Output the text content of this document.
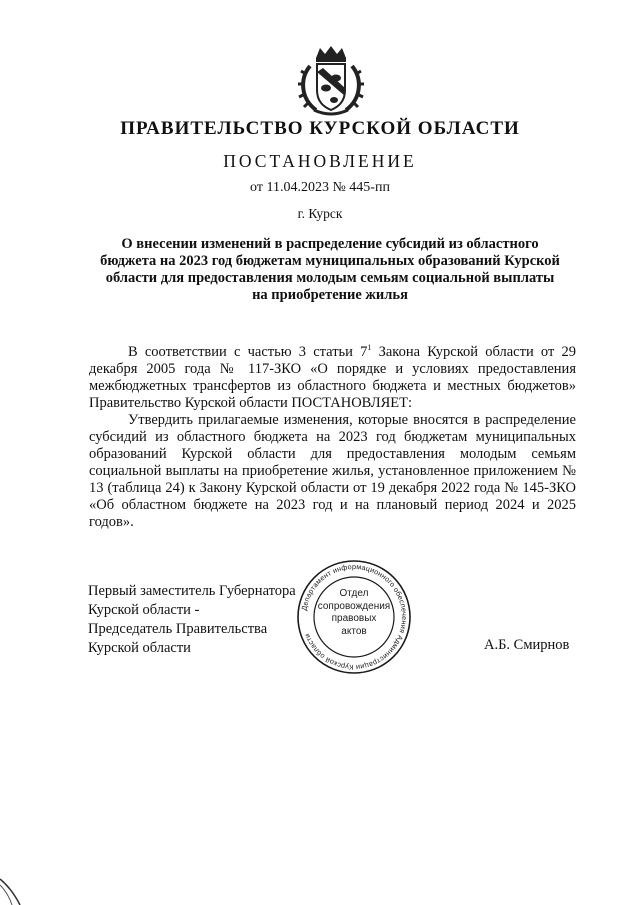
ПРАВИТЕЛЬСТВО КУРСКОЙ ОБЛАСТИ
ПОСТАНОВЛЕНИЕ
от 11.04.2023 № 445-пп
г. Курск
О внесении изменений в распределение субсидий из областного
бюджета на 2023 год бюджетам муниципальных образований Курской
области для предоставления молодым семьям социальной выплаты
на приобретение жилья

В соответствии с частью 3 статьи $7^1$ Закона Курской области от 29 декабря 2005 года № 117-ЗКО «О порядке и условиях предоставления межбюджетных трансфертов из областного бюджета и местных бюджетов» Правительство Курской области ПОСТАНОВЛЯЕТ:

Утвердить прилагаемые изменения, которые вносятся в распределение субсидий из областного бюджета на 2023 год бюджетам муниципальных образований Курской области для предоставления молодым семьям социальной выплаты на приобретение жилья, установленное приложением № 13 (таблица 24) к Закону Курской области от 19 декабря 2022 года № 145-ЗКО «Об областном бюджете на 2023 год и на плановый период 2024 и 2025 годов».

Первый заместитель Губернатора
Курской области -
Председатель Правительства
Курской области
Департамент информационного обеспечения Администрации Курской области
Отдел
сопровождения
правовых
актов
А.Б. Смирнов
